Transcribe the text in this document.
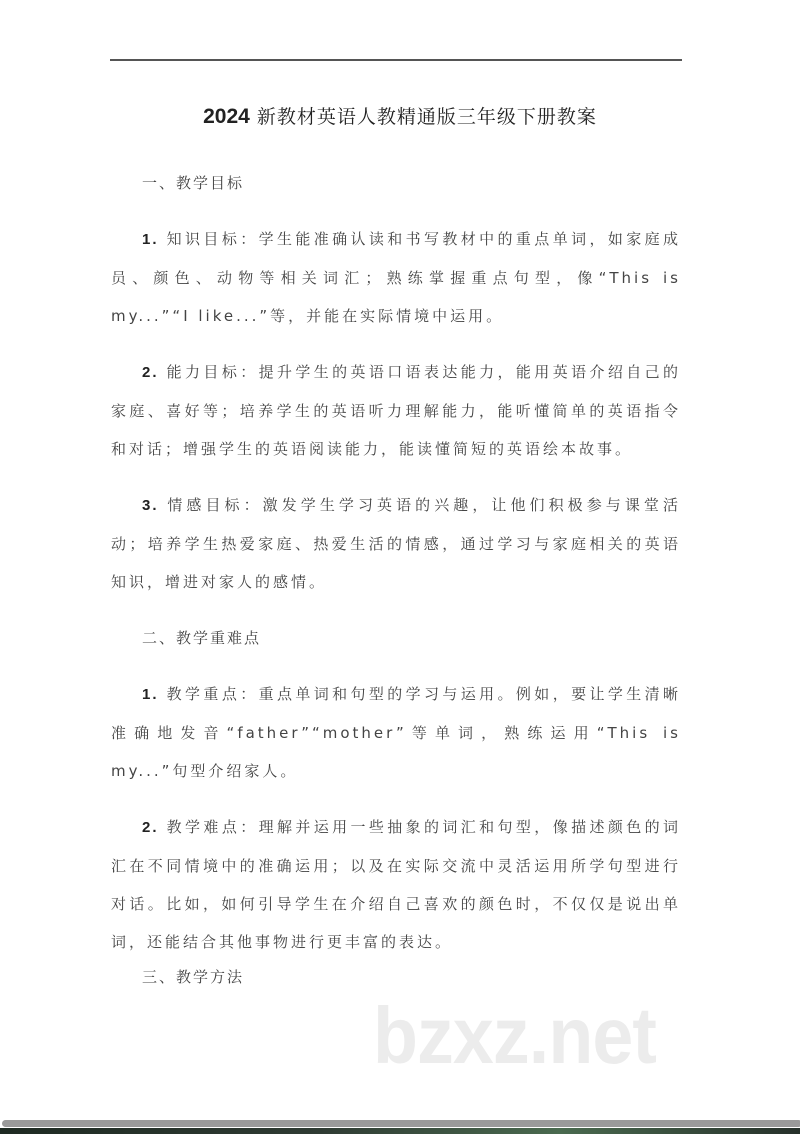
2024 新教材英语人教精通版三年级下册教案
bzxz.net
一、教学目标
1. 知识目标：学生能准确认读和书写教材中的重点单词，如家庭成员、颜色、动物等相关词汇；熟练掌握重点句型，像“This is my...”“I like...”等，并能在实际情境中运用。
2. 能力目标：提升学生的英语口语表达能力，能用英语介绍自己的家庭、喜好等；培养学生的英语听力理解能力，能听懂简单的英语指令和对话；增强学生的英语阅读能力，能读懂简短的英语绘本故事。
3. 情感目标：激发学生学习英语的兴趣，让他们积极参与课堂活动；培养学生热爱家庭、热爱生活的情感，通过学习与家庭相关的英语知识，增进对家人的感情。
二、教学重难点
1. 教学重点：重点单词和句型的学习与运用。例如，要让学生清晰准确地发音“father”“mother”等单词，熟练运用“This is my...”句型介绍家人。
2. 教学难点：理解并运用一些抽象的词汇和句型，像描述颜色的词汇在不同情境中的准确运用；以及在实际交流中灵活运用所学句型进行对话。比如，如何引导学生在介绍自己喜欢的颜色时，不仅仅是说出单词，还能结合其他事物进行更丰富的表达。
三、教学方法
